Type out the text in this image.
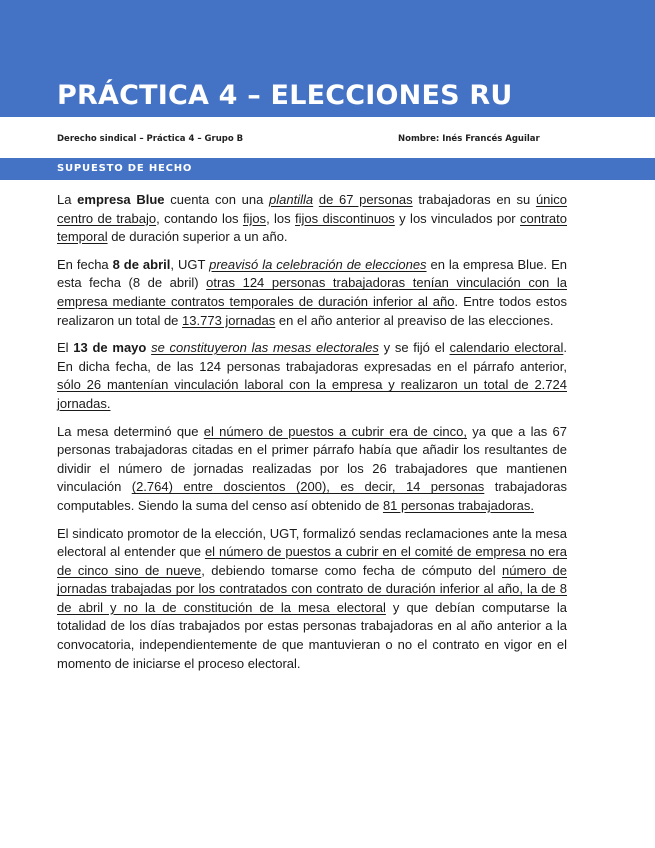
PRÁCTICA 4 – ELECCIONES RU
Derecho sindical – Práctica 4 – Grupo B	Nombre: Inés Francés Aguilar
SUPUESTO DE HECHO

La empresa Blue cuenta con una plantilla de 67 personas trabajadoras en su único centro de trabajo, contando los fijos, los fijos discontinuos y los vinculados por contrato temporal de duración superior a un año.

En fecha 8 de abril, UGT preavisó la celebración de elecciones en la empresa Blue. En esta fecha (8 de abril) otras 124 personas trabajadoras tenían vinculación con la empresa mediante contratos temporales de duración inferior al año. Entre todos estos realizaron un total de 13.773 jornadas en el año anterior al preaviso de las elecciones.

El 13 de mayo se constituyeron las mesas electorales y se fijó el calendario electoral. En dicha fecha, de las 124 personas trabajadoras expresadas en el párrafo anterior, sólo 26 mantenían vinculación laboral con la empresa y realizaron un total de 2.724 jornadas.

La mesa determinó que el número de puestos a cubrir era de cinco, ya que a las 67 personas trabajadoras citadas en el primer párrafo había que añadir los resultantes de dividir el número de jornadas realizadas por los 26 trabajadores que mantienen vinculación (2.764) entre doscientos (200), es decir, 14 personas trabajadoras computables. Siendo la suma del censo así obtenido de 81 personas trabajadoras.

El sindicato promotor de la elección, UGT, formalizó sendas reclamaciones ante la mesa electoral al entender que el número de puestos a cubrir en el comité de empresa no era de cinco sino de nueve, debiendo tomarse como fecha de cómputo del número de jornadas trabajadas por los contratados con contrato de duración inferior al año, la de 8 de abril y no la de constitución de la mesa electoral y que debían computarse la totalidad de los días trabajados por estas personas trabajadoras en al año anterior a la convocatoria, independientemente de que mantuvieran o no el contrato en vigor en el momento de iniciarse el proceso electoral.
